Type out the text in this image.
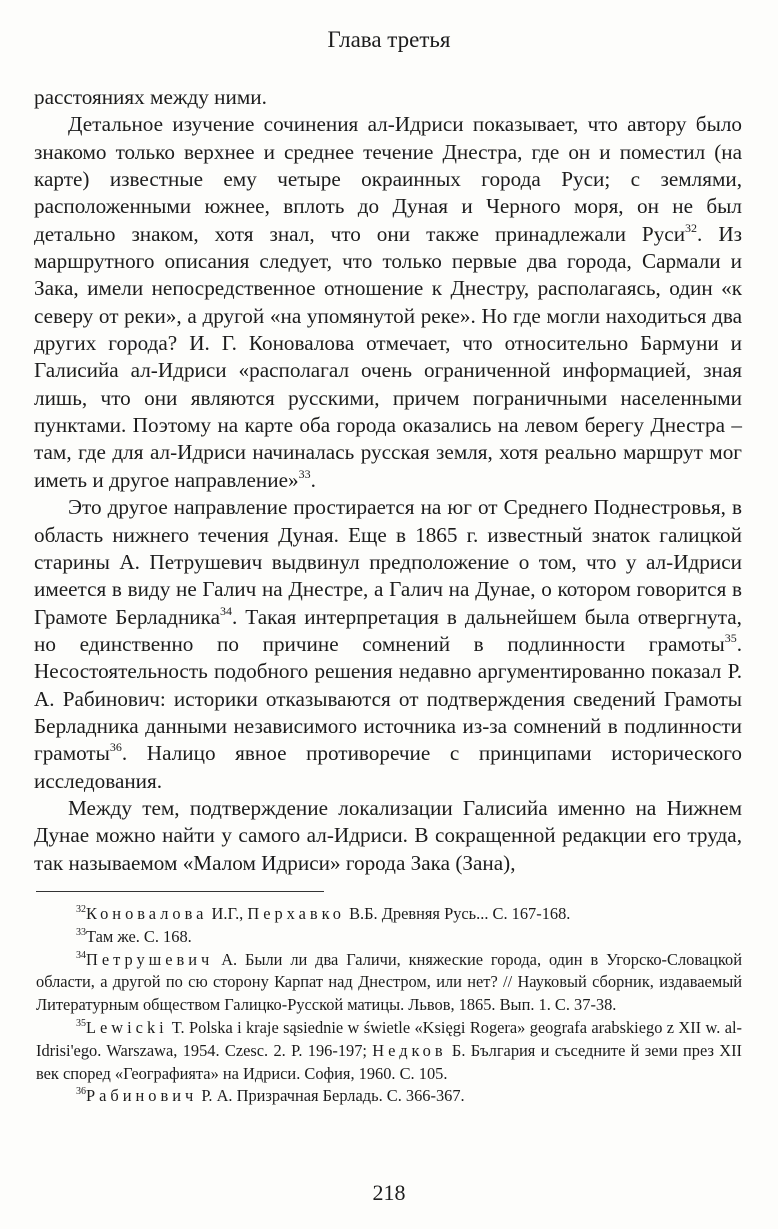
Глава третья

расстояниях между ними.

Детальное изучение сочинения ал-Идриси показывает, что автору было знакомо только верхнее и среднее течение Днестра, где он и поместил (на карте) известные ему четыре окраинных города Руси; с землями, расположенными южнее, вплоть до Дуная и Черного моря, он не был детально знаком, хотя знал, что они также принадлежали Руси$^{32}$. Из маршрутного описания следует, что только первые два города, Сармали и Зака, имели непосредственное отношение к Днестру, располагаясь, один «к северу от реки», а другой «на упомянутой реке». Но где могли находиться два других города? И. Г. Коновалова отмечает, что относительно Бармуни и Галисийа ал-Идриси «располагал очень ограниченной информацией, зная лишь, что они являются русскими, причем пограничными населенными пунктами. Поэтому на карте оба города оказались на левом берегу Днестра – там, где для ал-Идриси начиналась русская земля, хотя реально маршрут мог иметь и другое направление»$^{33}$.

Это другое направление простирается на юг от Среднего Поднестровья, в область нижнего течения Дуная. Еще в 1865 г. известный знаток галицкой старины А. Петрушевич выдвинул предположение о том, что у ал-Идриси имеется в виду не Галич на Днестре, а Галич на Дунае, о котором говорится в Грамоте Берладника$^{34}$. Такая интерпретация в дальнейшем была отвергнута, но единственно по причине сомнений в подлинности грамоты$^{35}$. Несостоятельность подобного решения недавно аргументированно показал Р. А. Рабинович: историки отказываются от подтверждения сведений Грамоты Берладника данными независимого источника из-за сомнений в подлинности грамоты$^{36}$. Налицо явное противоречие с принципами исторического исследования.

Между тем, подтверждение локализации Галисийа именно на Нижнем Дунае можно найти у самого ал-Идриси. В сокращенной редакции его труда, так называемом «Малом Идриси» города Зака (Зана),

$^{32}$Коновалова И.Г., Перхавко В.Б. Древняя Русь... С. 167-168.

$^{33}$Там же. С. 168.

$^{34}$Петрушевич А. Были ли два Галичи, княжеские города, один в Угорско-Словацкой области, а другой по сю сторону Карпат над Днестром, или нет? // Науковый сборник, издаваемый Литературным обществом Галицко-Русской матицы. Львов, 1865. Вып. 1. С. 37-38.

$^{35}$Lewicki T. Polska i kraje sąsiednie w świetle «Księgi Rogera» geografa arabskiego z XII w. al-Idrisi'ego. Warszawa, 1954. Czesc. 2. P. 196-197; Недков Б. България и съседните й земи през XII век според «Географията» на Идриси. София, 1960. С. 105.

$^{36}$Рабинович Р. А. Призрачная Берладь. С. 366-367.

218
